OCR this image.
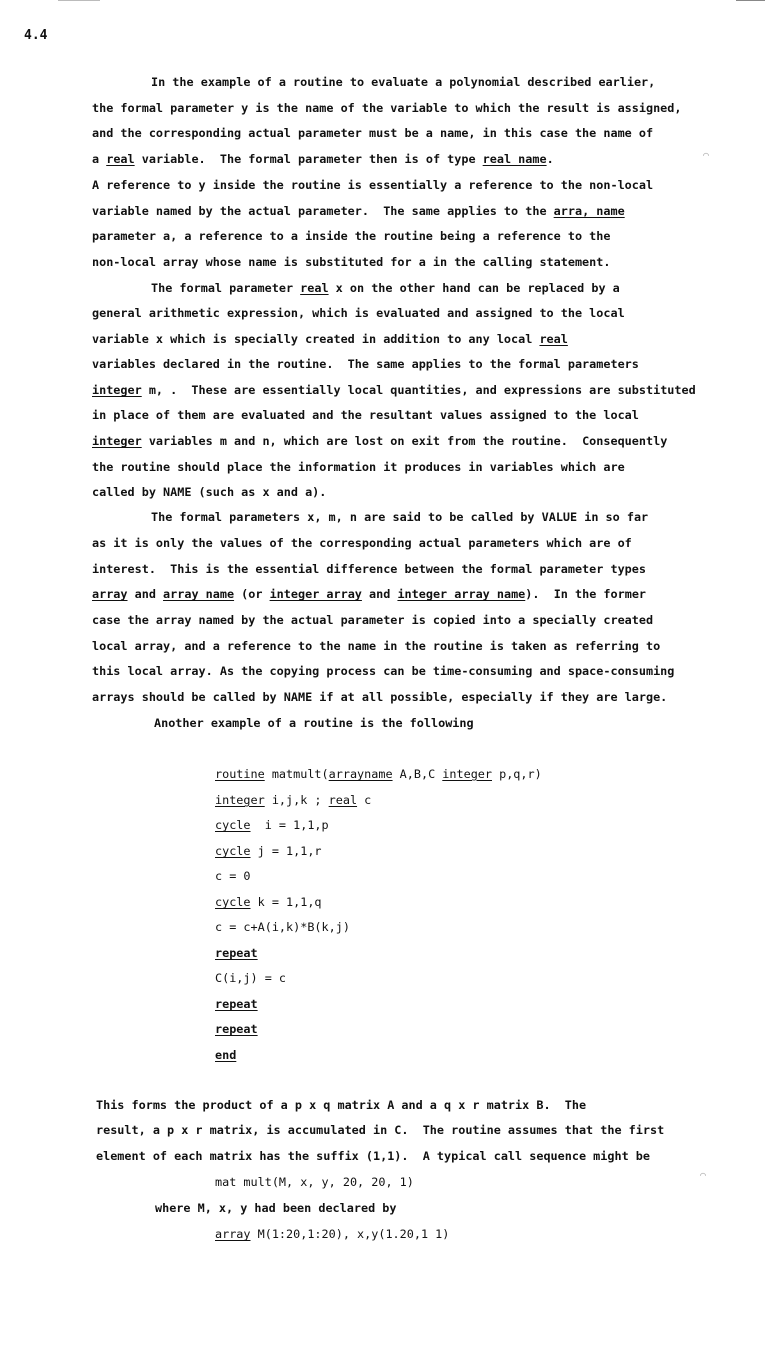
4.4
In the example of a routine to evaluate a polynomial described earlier,
the formal parameter y is the name of the variable to which the result is assigned,
and the corresponding actual parameter must be a name, in this case the name of
a real variable.  The formal parameter then is of type real name.
A reference to y inside the routine is essentially a reference to the non-local
variable named by the actual parameter.  The same applies to the arra, name
parameter a, a reference to a inside the routine being a reference to the
non-local array whose name is substituted for a in the calling statement.
The formal parameter real x on the other hand can be replaced by a
general arithmetic expression, which is evaluated and assigned to the local
variable x which is specially created in addition to any local real
variables declared in the routine.  The same applies to the formal parameters
integer m, .  These are essentially local quantities, and expressions are substituted
in place of them are evaluated and the resultant values assigned to the local
integer variables m and n, which are lost on exit from the routine.  Consequently
the routine should place the information it produces in variables which are
called by NAME (such as x and a).
The formal parameters x, m, n are said to be called by VALUE in so far
as it is only the values of the corresponding actual parameters which are of
interest.  This is the essential difference between the formal parameter types
array and array name (or integer array and integer array name).  In the former
case the array named by the actual parameter is copied into a specially created
local array, and a reference to the name in the routine is taken as referring to
this local array. As the copying process can be time-consuming and space-consuming
arrays should be called by NAME if at all possible, especially if they are large.
Another example of a routine is the following
routine matmult(arrayname A,B,C integer p,q,r)
integer i,j,k ; real c
cycle  i = 1,1,p
cycle j = 1,1,r
c = 0
cycle k = 1,1,q
c = c+A(i,k)*B(k,j)
repeat
C(i,j) = c
repeat
repeat
end
This forms the product of a p x q matrix A and a q x r matrix B.  The
result, a p x r matrix, is accumulated in C.  The routine assumes that the first
element of each matrix has the suffix (1,1).  A typical call sequence might be
mat mult(M, x, y, 20, 20, 1)
where M, x, y had been declared by
array M(1:20,1:20), x,y(1.20,1 1)
⌒
⌒
